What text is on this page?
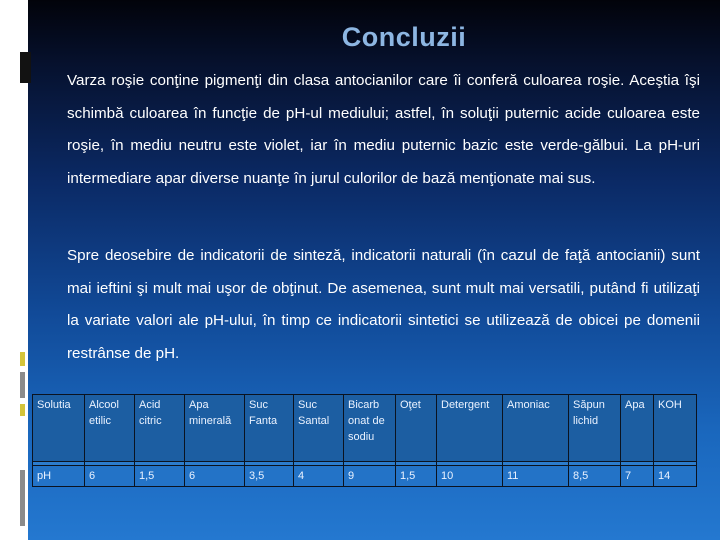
Concluzii
Varza roşie conţine pigmenţi din clasa antocianilor care îi conferă culoarea roşie. Aceştia îşi schimbă culoarea în funcţie de pH-ul mediului; astfel, în soluţii puternic acide culoarea este roşie, în mediu neutru este violet, iar în mediu puternic bazic este verde-gălbui. La pH-uri intermediare apar diverse nuanţe în jurul culorilor de bază menţionate mai sus.
Spre deosebire de indicatorii de sinteză, indicatorii naturali (în cazul de faţă antocianii) sunt mai ieftini şi mult mai uşor de obţinut. De asemenea, sunt mult mai versatili, putând fi utilizaţi la variate valori ale pH-ului, în timp ce indicatorii sintetici se utilizează de obicei pe domenii restrânse de pH.
Solutia	Alcool etilic	Acid citric	Apa minerală	Suc Fanta	Suc Santal	Bicarb onat de sodiu	Oţet	Detergent	Amoniac	Săpun lichid	Apa	KOH

pH	6	1,5	6	3,5	4	9	1,5	10	11	8,5	7	14
